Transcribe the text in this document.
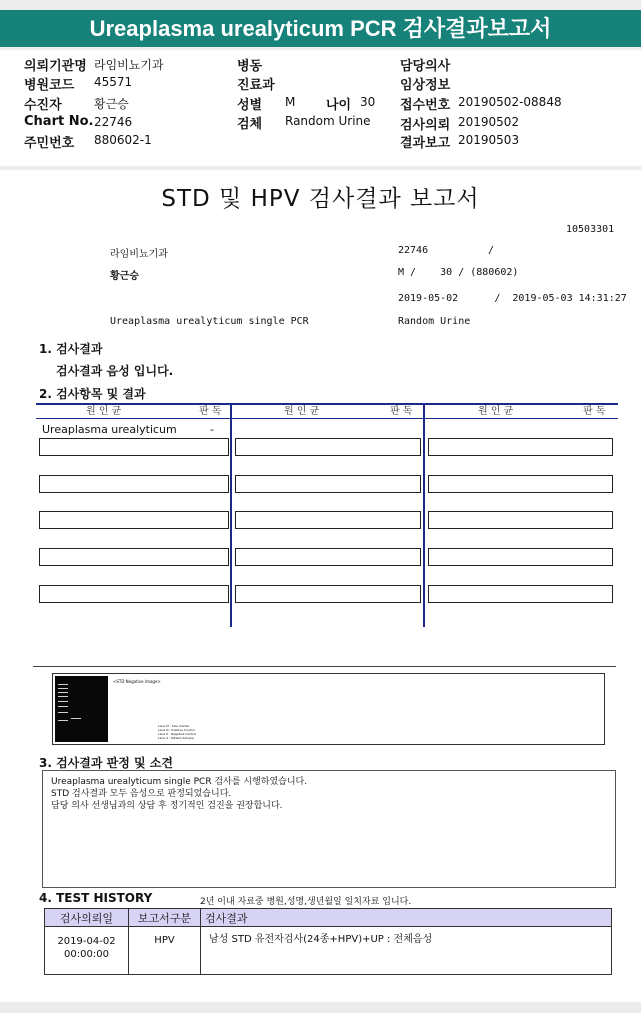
Ureaplasma urealyticum PCR 검사결과보고서
의뢰기관명 라임비뇨기과
병원코드 45571
수진자	황근승
Chart No. 22746
주민번호 880602-1
병동
진료과
성별 M 나이 30
검체 Random Urine
담당의사
임상정보
접수번호 20190502-08848
검사의뢰 20190502
결과보고 20190503
STD 및 HPV 검사결과 보고서
10503301
라임비뇨기과	22746	/
황근승	M /    30 / (880602)
2019-05-02      /  2019-05-03 14:31:27
Ureaplasma urealyticum single PCR	Random Urine
1. 검사결과
검사결과 음성 입니다.
2. 검사항목 및 결과
원 인 균	판 독	원 인 균	판 독	원 인 균	판 독
Ureaplasma urealyticum	-
<STD Negative Image>
Lane M : Size marker
Lane N : Positive Control
Lane P : Negative Control
Lane S : Patient Sample
3. 검사결과 판정 및 소견
Ureaplasma urealyticum single PCR 검사를 시행하였습니다.
STD 검사결과 모두 음성으로 판정되었습니다.
담당 의사 선생님과의 상담 후 정기적인 검진을 권장합니다.
4. TEST HISTORY	2년 이내 자료중 병원,성명,생년월일 일치자료 입니다.
검사의뢰일	보고서구분	검사결과

2019-04-02
00:00:00	HPV	남성 STD 유전자검사(24종+HPV)+UP : 전체음성
